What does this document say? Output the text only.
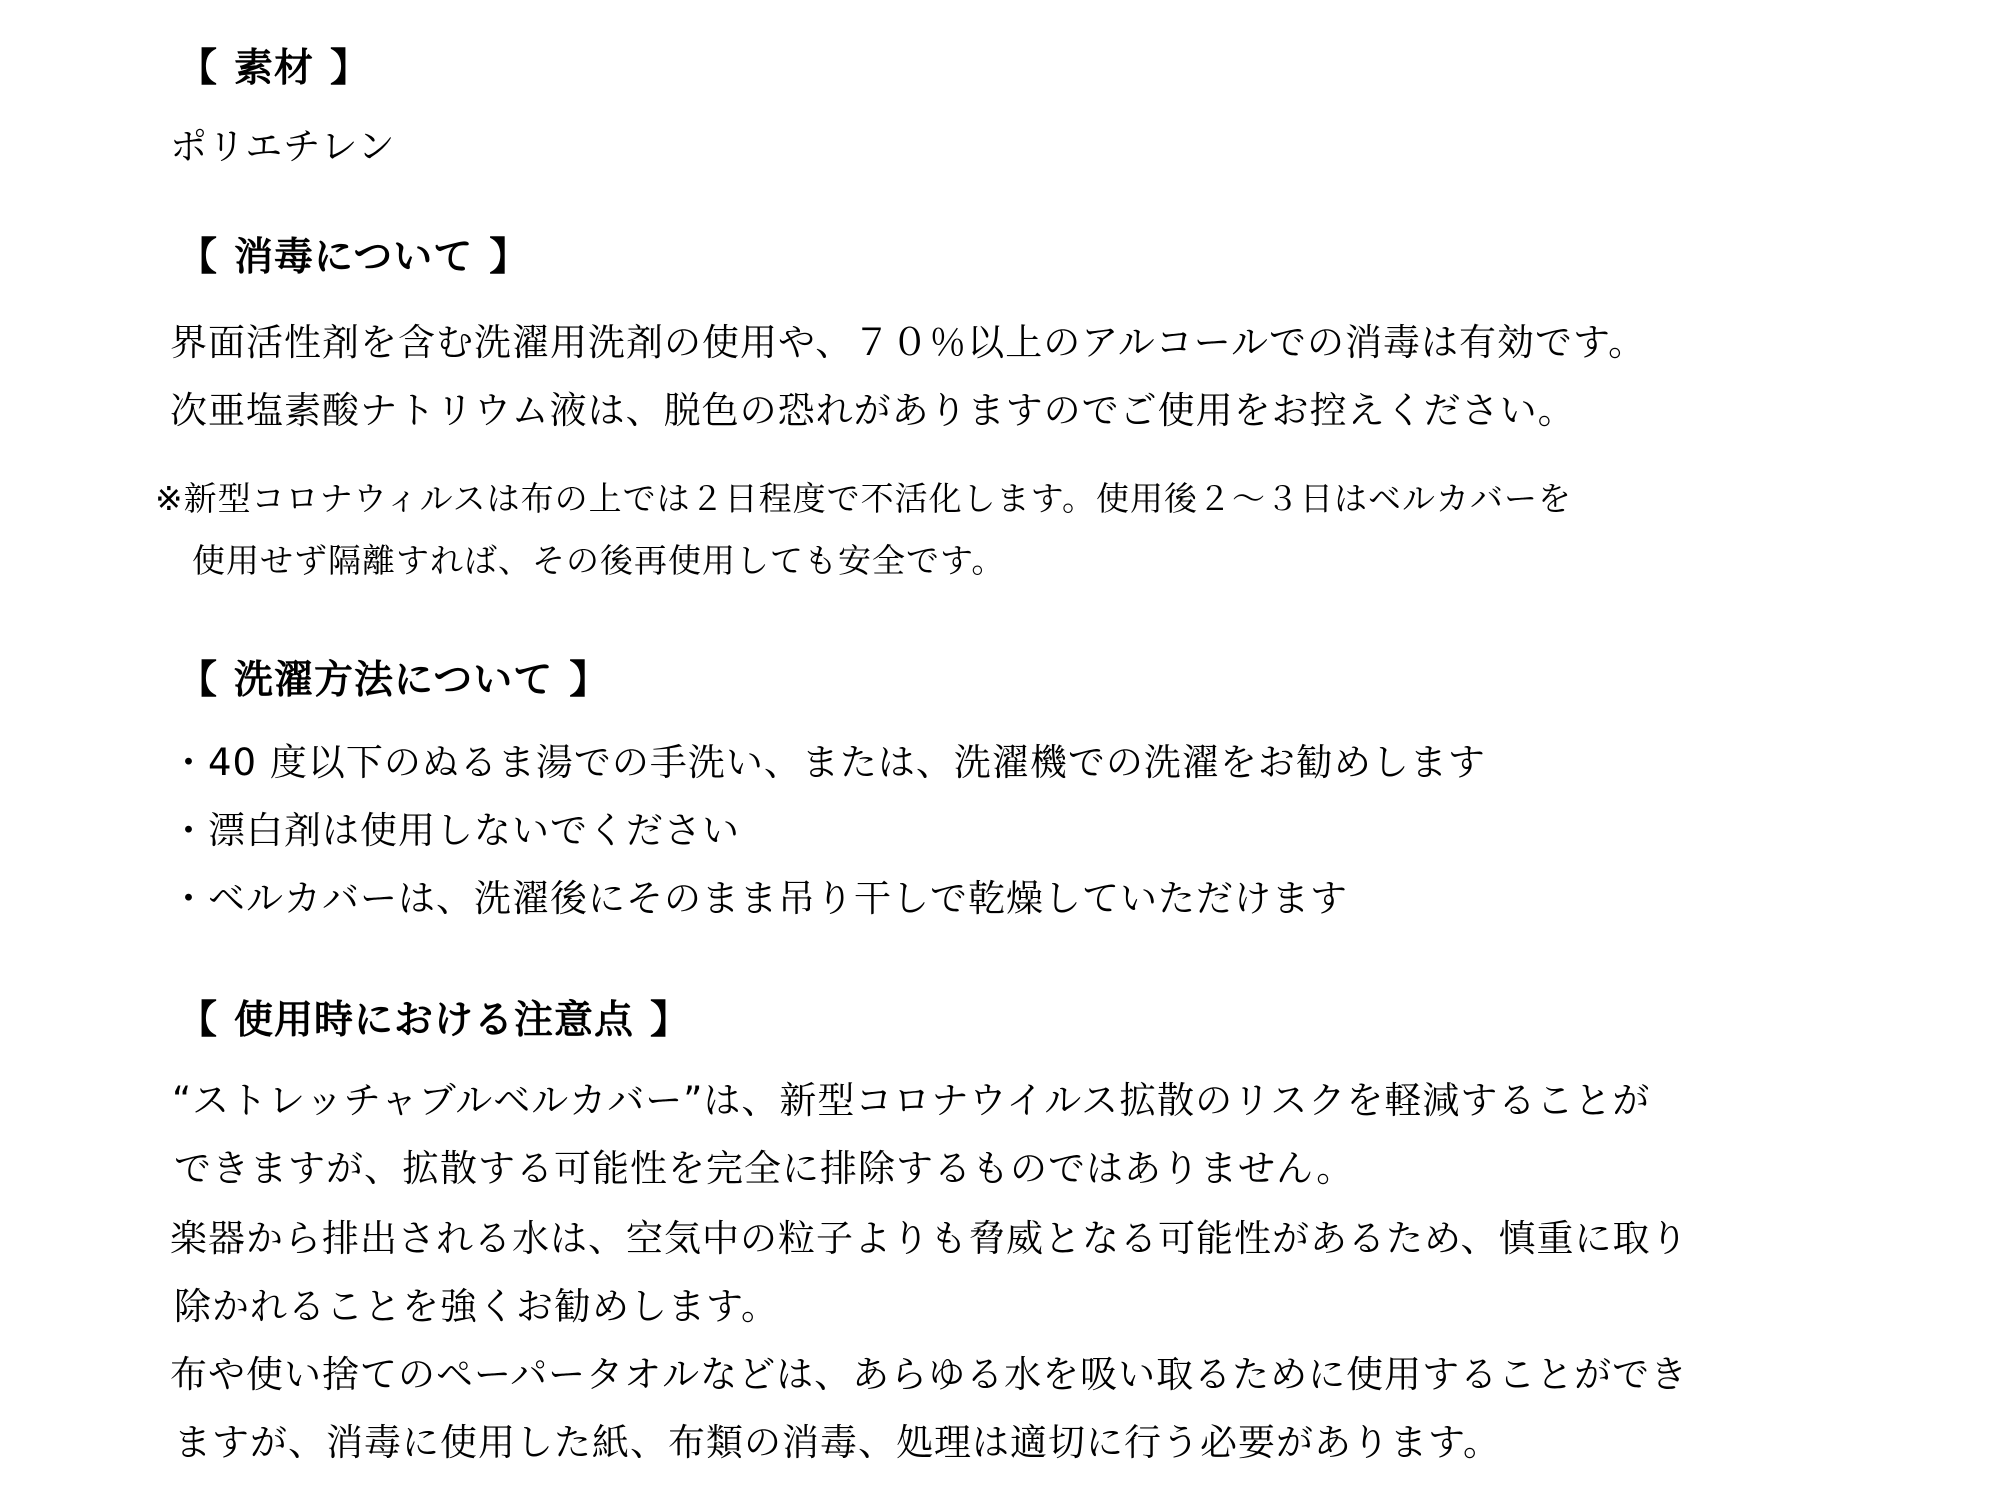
【 素材 】
ポリエチレン
【 消毒について 】
界面活性剤を含む洗濯用洗剤の使用や、７０％以上のアルコールでの消毒は有効です。
次亜塩素酸ナトリウム液は、脱色の恐れがありますのでご使用をお控えください。
※新型コロナウィルスは布の上では２日程度で不活化します。使用後２～３日はベルカバーを
使用せず隔離すれば、その後再使用しても安全です。
【 洗濯方法について 】
・40 度以下のぬるま湯での手洗い、または、洗濯機での洗濯をお勧めします
・漂白剤は使用しないでください
・ベルカバーは、洗濯後にそのまま吊り干しで乾燥していただけます
【 使用時における注意点 】
“ストレッチャブルベルカバー”は、新型コロナウイルス拡散のリスクを軽減することが
できますが、拡散する可能性を完全に排除するものではありません。
楽器から排出される水は、空気中の粒子よりも脅威となる可能性があるため、慎重に取り
除かれることを強くお勧めします。
布や使い捨てのペーパータオルなどは、あらゆる水を吸い取るために使用することができ
ますが、消毒に使用した紙、布類の消毒、処理は適切に行う必要があります。
